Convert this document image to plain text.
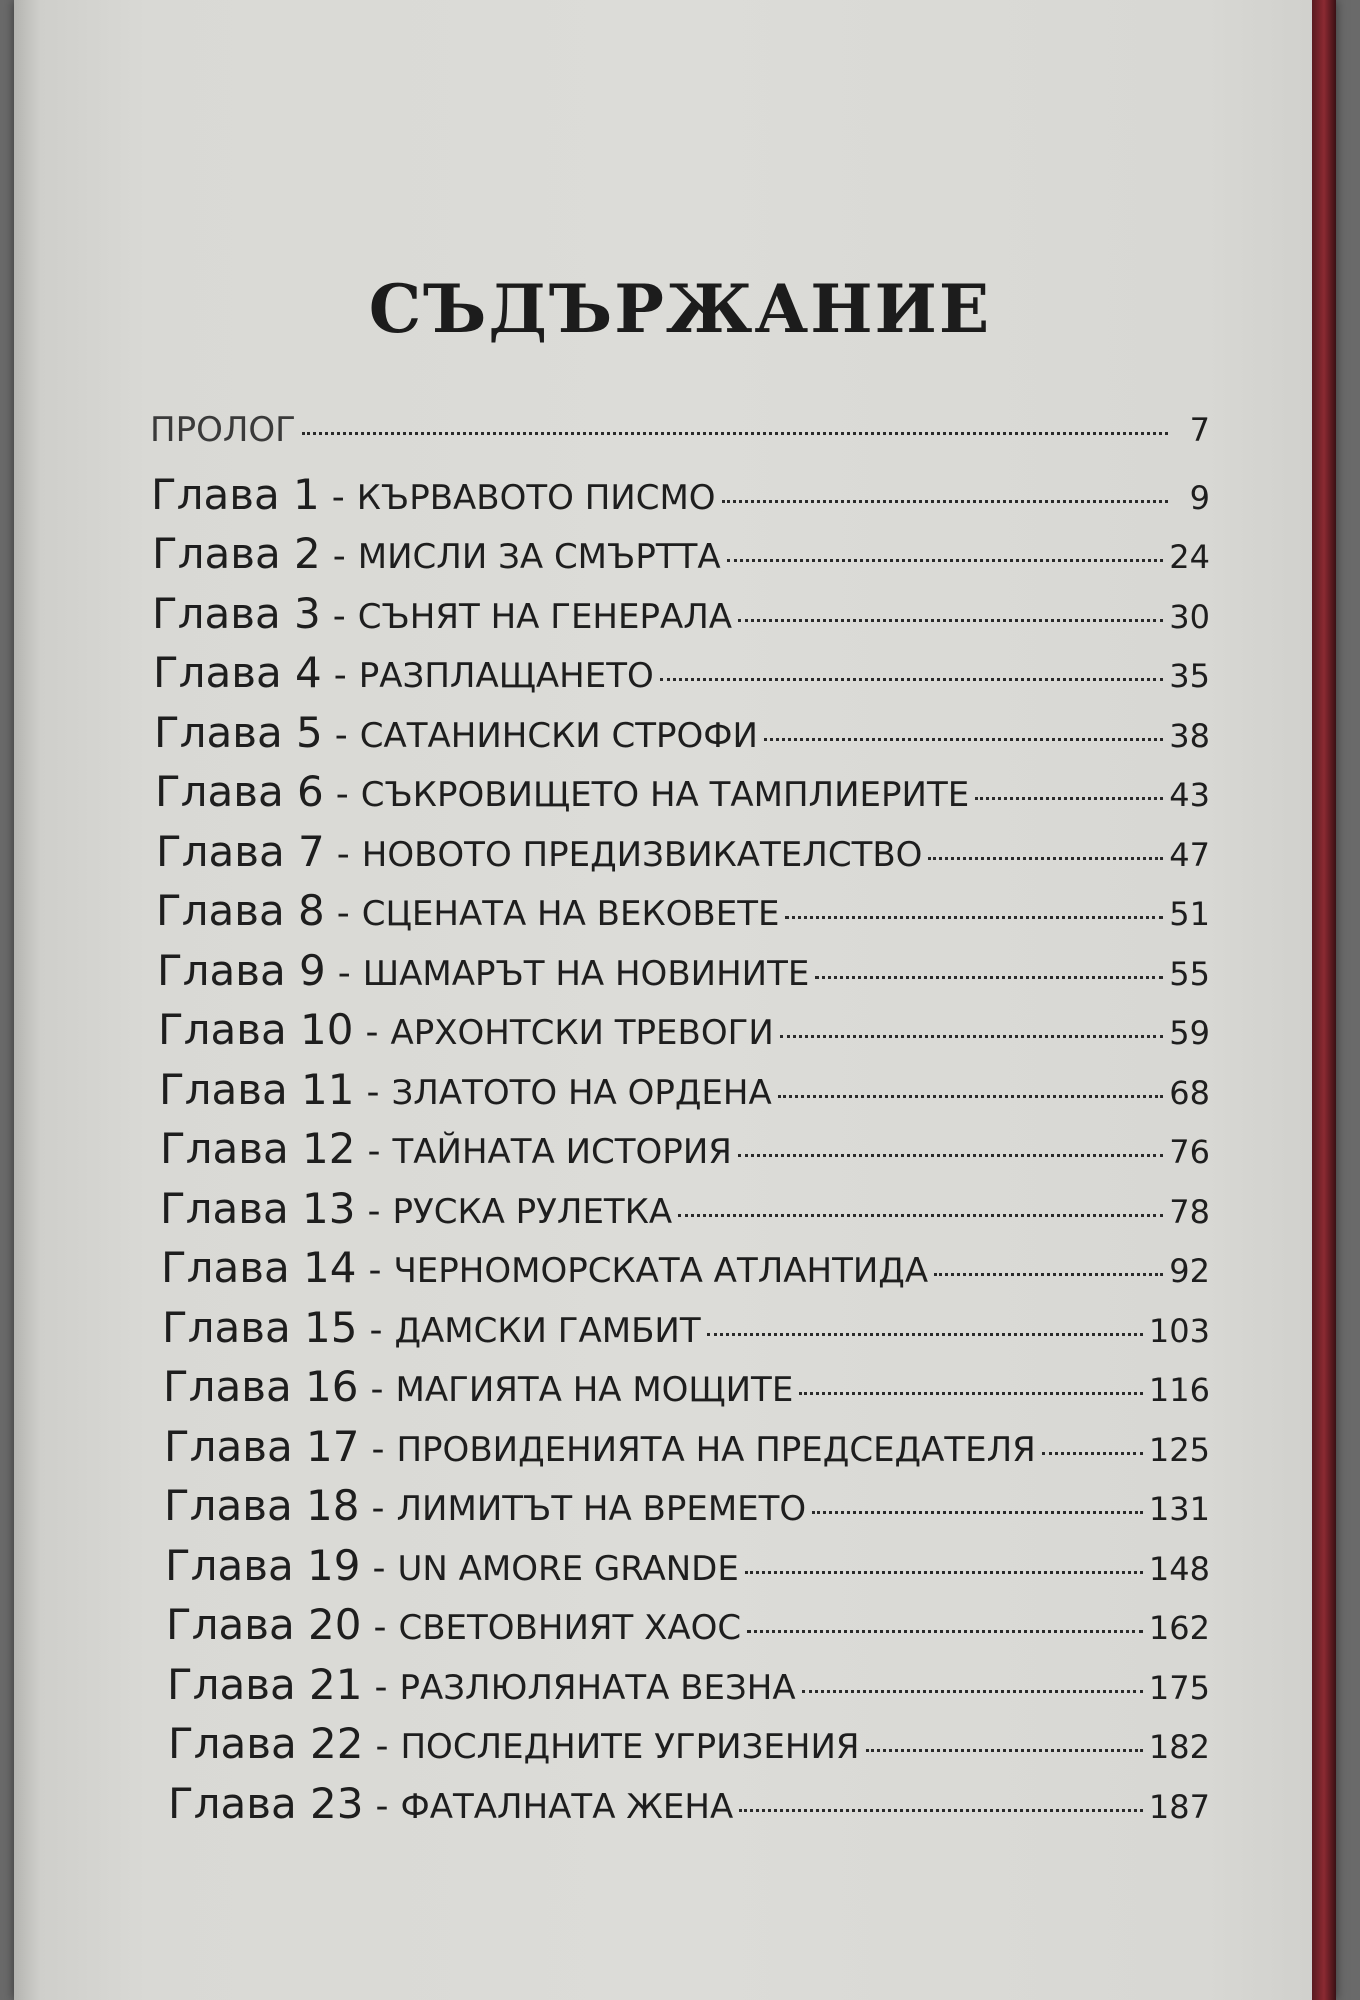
СЪДЪРЖАНИЕ
ПРОЛОГ	7
Глава 1 - КЪРВАВОТО ПИСМО	9
Глава 2 - МИСЛИ ЗА СМЪРТТА	24
Глава 3 - СЪНЯТ НА ГЕНЕРАЛА	30
Глава 4 - РАЗПЛАЩАНЕТО	35
Глава 5 - САТАНИНСКИ СТРОФИ	38
Глава 6 - СЪКРОВИЩЕТО НА ТАМПЛИЕРИТЕ	43
Глава 7 - НОВОТО ПРЕДИЗВИКАТЕЛСТВО	47
Глава 8 - СЦЕНАТА НА ВЕКОВЕТЕ	51
Глава 9 - ШАМАРЪТ НА НОВИНИТЕ	55
Глава 10 - АРХОНТСКИ ТРЕВОГИ	59
Глава 11 - ЗЛАТОТО НА ОРДЕНА	68
Глава 12 - ТАЙНАТА ИСТОРИЯ	76
Глава 13 - РУСКА РУЛЕТКА	78
Глава 14 - ЧЕРНОМОРСКАТА АТЛАНТИДА	92
Глава 15 - ДАМСКИ ГАМБИТ	103
Глава 16 - МАГИЯТА НА МОЩИТЕ	116
Глава 17 - ПРОВИДЕНИЯТА НА ПРЕДСЕДАТЕЛЯ	125
Глава 18 - ЛИМИТЪТ НА ВРЕМЕТО	131
Глава 19 - UN AMORE GRANDE	148
Глава 20 - СВЕТОВНИЯТ ХАОС	162
Глава 21 - РАЗЛЮЛЯНАТА ВЕЗНА	175
Глава 22 - ПОСЛЕДНИТЕ УГРИЗЕНИЯ	182
Глава 23 - ФАТАЛНАТА ЖЕНА	187
